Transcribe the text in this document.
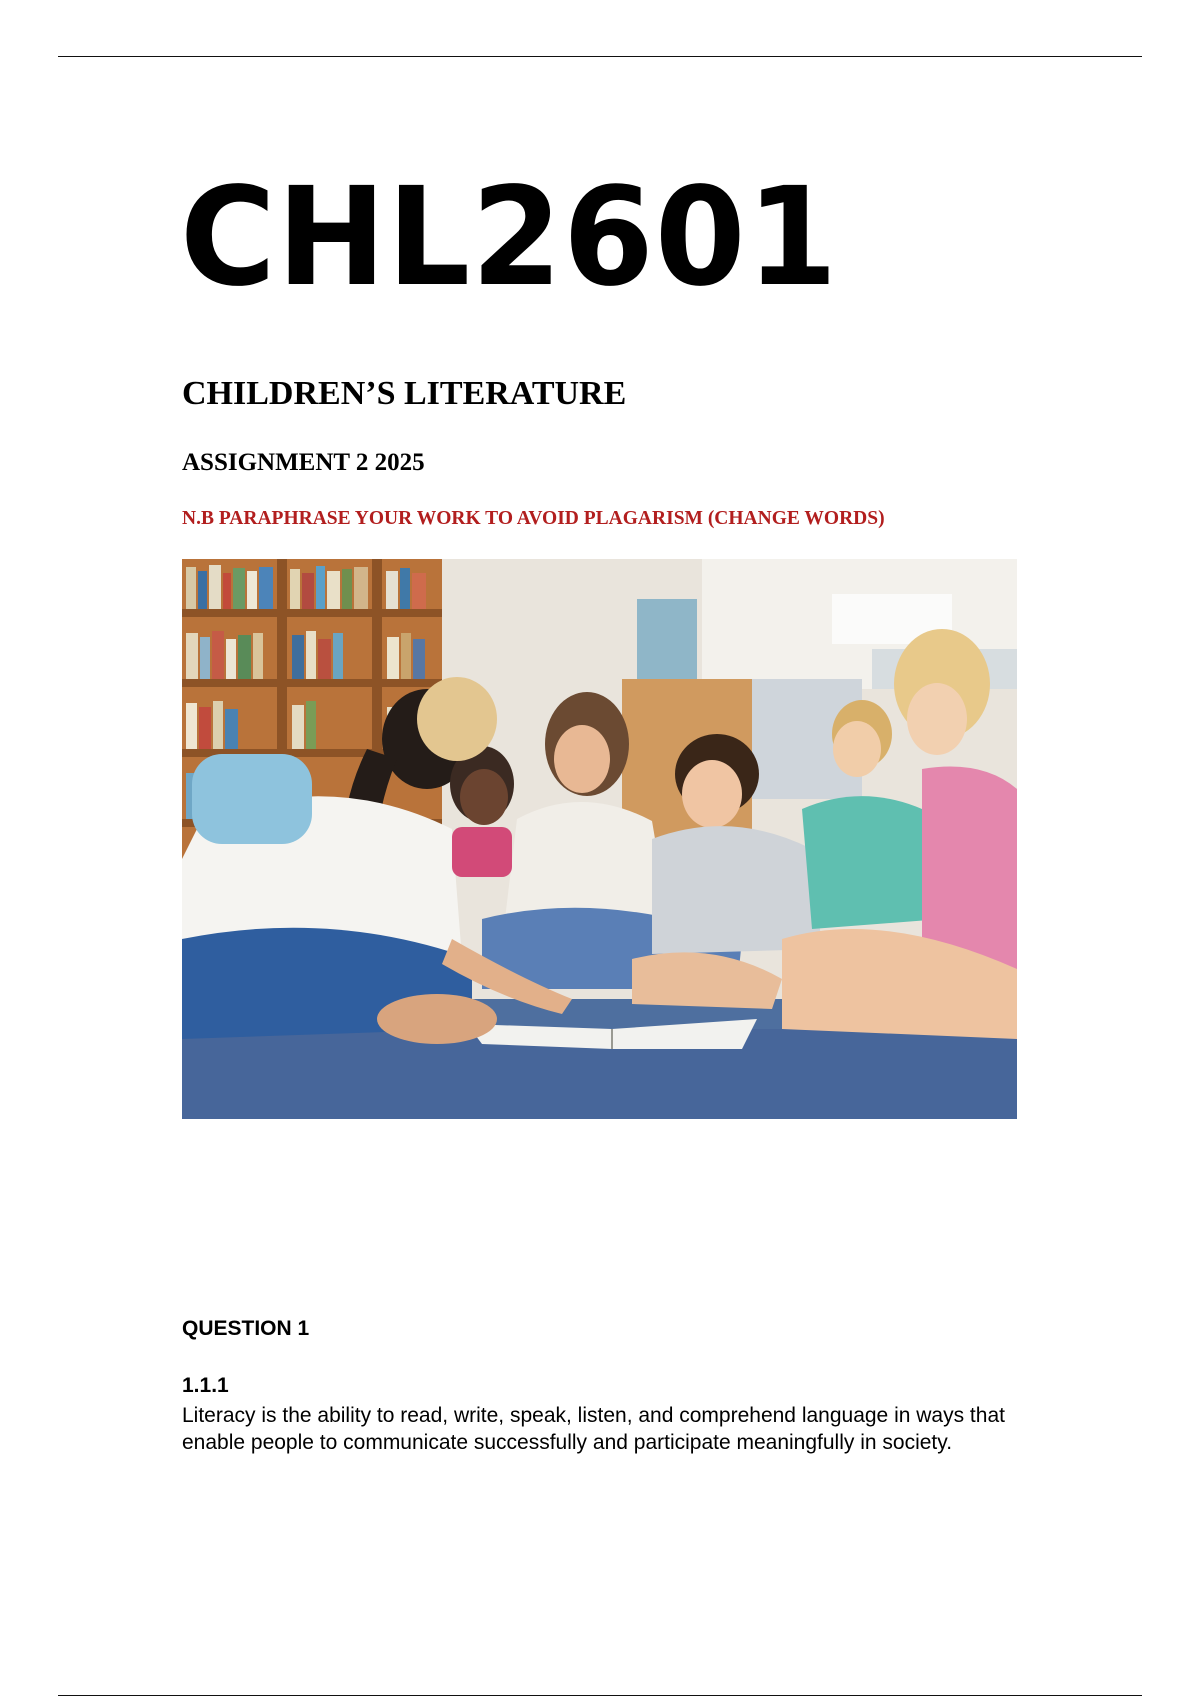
CHL2601
CHILDREN’S LITERATURE
ASSIGNMENT 2 2025
N.B PARAPHRASE YOUR WORK TO AVOID PLAGARISM (CHANGE WORDS)
QUESTION 1
1.1.1
Literacy is the ability to read, write, speak, listen, and comprehend language in ways that enable people to communicate successfully and participate meaningfully in society.
